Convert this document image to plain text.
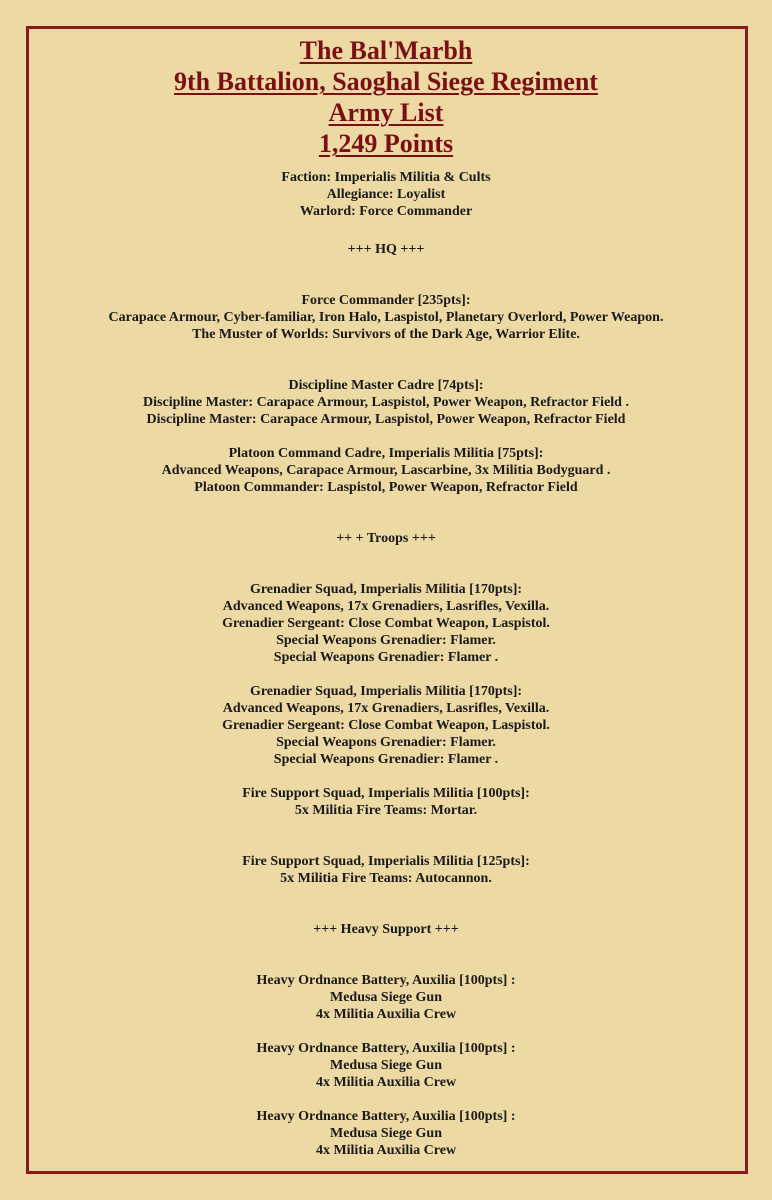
The Bal'Marbh
9th Battalion, Saoghal Siege Regiment
Army List
1,249 Points
Faction: Imperialis Militia & Cults
Allegiance: Loyalist
Warlord: Force Commander
+++ HQ +++
Force Commander [235pts]:
Carapace Armour, Cyber-familiar, Iron Halo, Laspistol, Planetary Overlord, Power Weapon.
The Muster of Worlds: Survivors of the Dark Age, Warrior Elite.
Discipline Master Cadre [74pts]:
Discipline Master: Carapace Armour, Laspistol, Power Weapon, Refractor Field .
Discipline Master: Carapace Armour, Laspistol, Power Weapon, Refractor Field
Platoon Command Cadre, Imperialis Militia [75pts]:
Advanced Weapons, Carapace Armour, Lascarbine, 3x Militia Bodyguard .
Platoon Commander: Laspistol, Power Weapon, Refractor Field
++ + Troops +++
Grenadier Squad, Imperialis Militia [170pts]:
Advanced Weapons, 17x Grenadiers, Lasrifles, Vexilla.
Grenadier Sergeant: Close Combat Weapon, Laspistol.
Special Weapons Grenadier: Flamer.
Special Weapons Grenadier: Flamer .
Grenadier Squad, Imperialis Militia [170pts]:
Advanced Weapons, 17x Grenadiers, Lasrifles, Vexilla.
Grenadier Sergeant: Close Combat Weapon, Laspistol.
Special Weapons Grenadier: Flamer.
Special Weapons Grenadier: Flamer .
Fire Support Squad, Imperialis Militia [100pts]:
5x Militia Fire Teams: Mortar.
Fire Support Squad, Imperialis Militia [125pts]:
5x Militia Fire Teams: Autocannon.
+++ Heavy Support +++
Heavy Ordnance Battery, Auxilia [100pts] :
Medusa Siege Gun
4x Militia Auxilia Crew
Heavy Ordnance Battery, Auxilia [100pts] :
Medusa Siege Gun
4x Militia Auxilia Crew
Heavy Ordnance Battery, Auxilia [100pts] :
Medusa Siege Gun
4x Militia Auxilia Crew
